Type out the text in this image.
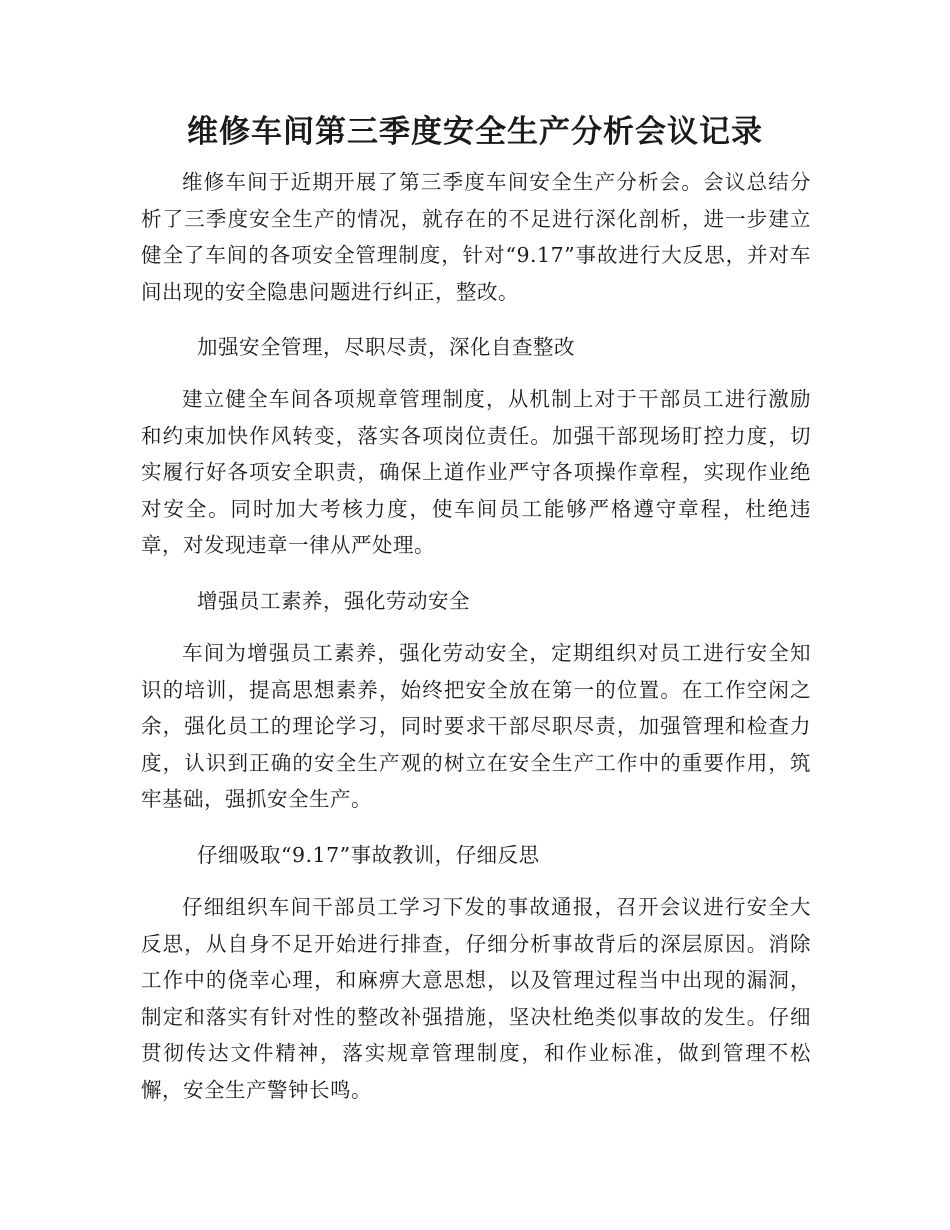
维修车间第三季度安全生产分析会议记录

维修车间于近期开展了第三季度车间安全生产分析会。会议总结分析了三季度安全生产的情况，就存在的不足进行深化剖析，进一步建立健全了车间的各项安全管理制度，针对“9.17”事故进行大反思，并对车间出现的安全隐患问题进行纠正，整改。

加强安全管理，尽职尽责，深化自查整改

建立健全车间各项规章管理制度，从机制上对于干部员工进行激励和约束加快作风转变，落实各项岗位责任。加强干部现场盯控力度，切实履行好各项安全职责，确保上道作业严守各项操作章程，实现作业绝对安全。同时加大考核力度，使车间员工能够严格遵守章程，杜绝违章，对发现违章一律从严处理。

增强员工素养，强化劳动安全

车间为增强员工素养，强化劳动安全，定期组织对员工进行安全知识的培训，提高思想素养，始终把安全放在第一的位置。在工作空闲之余，强化员工的理论学习，同时要求干部尽职尽责，加强管理和检查力度，认识到正确的安全生产观的树立在安全生产工作中的重要作用，筑牢基础，强抓安全生产。

仔细吸取“9.17”事故教训，仔细反思

仔细组织车间干部员工学习下发的事故通报，召开会议进行安全大反思，从自身不足开始进行排查，仔细分析事故背后的深层原因。消除工作中的侥幸心理，和麻痹大意思想，以及管理过程当中出现的漏洞，制定和落实有针对性的整改补强措施，坚决杜绝类似事故的发生。仔细贯彻传达文件精神，落实规章管理制度，和作业标准，做到管理不松懈，安全生产警钟长鸣。
